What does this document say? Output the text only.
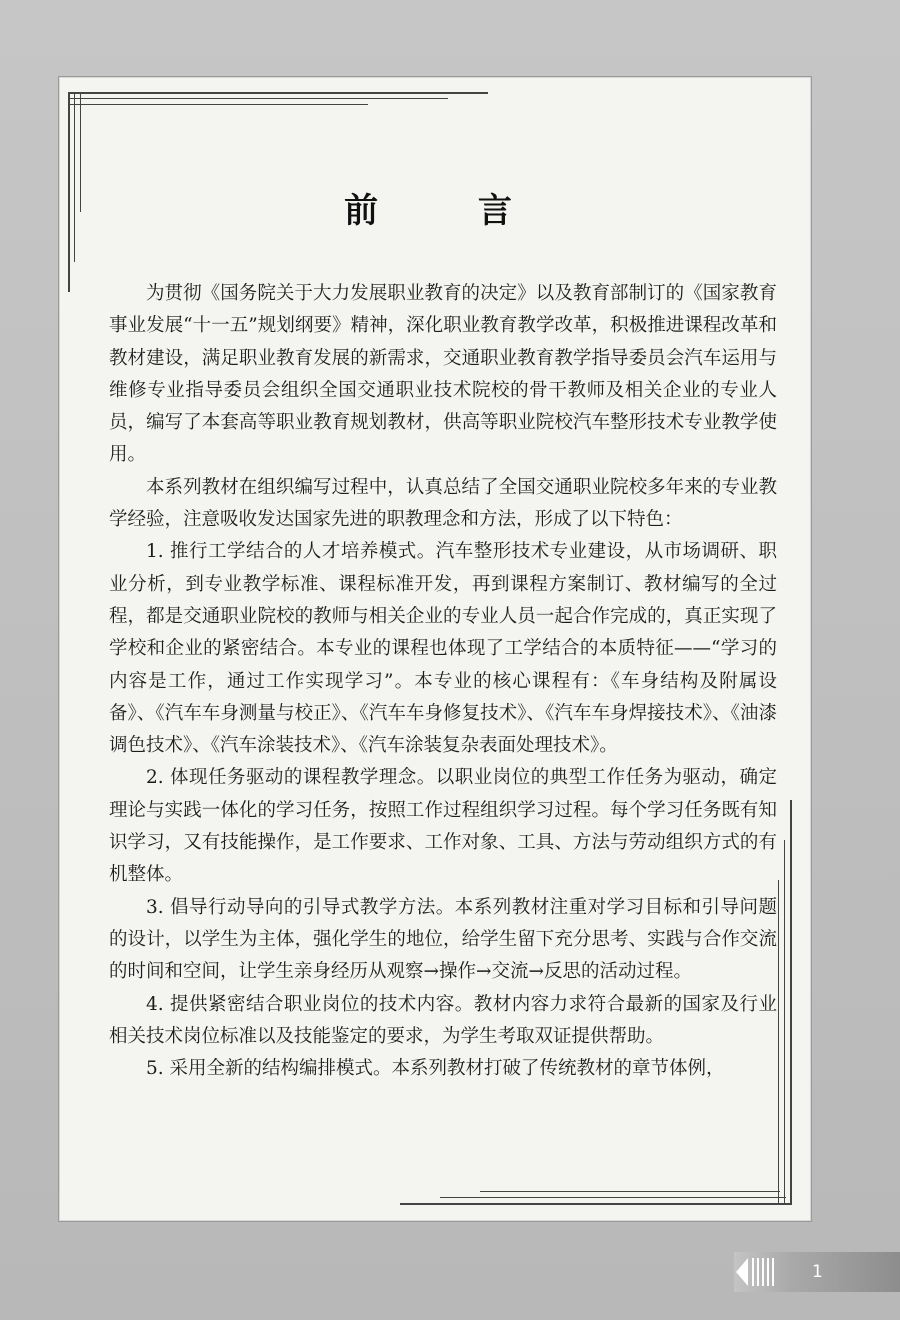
前 言

为贯彻《国务院关于大力发展职业教育的决定》以及教育部制订的《国家教育事业发展“十一五”规划纲要》精神，深化职业教育教学改革，积极推进课程改革和教材建设，满足职业教育发展的新需求，交通职业教育教学指导委员会汽车运用与维修专业指导委员会组织全国交通职业技术院校的骨干教师及相关企业的专业人员，编写了本套高等职业教育规划教材，供高等职业院校汽车整形技术专业教学使用。

本系列教材在组织编写过程中，认真总结了全国交通职业院校多年来的专业教学经验，注意吸收发达国家先进的职教理念和方法，形成了以下特色：

1. 推行工学结合的人才培养模式。汽车整形技术专业建设，从市场调研、职业分析，到专业教学标准、课程标准开发，再到课程方案制订、教材编写的全过程，都是交通职业院校的教师与相关企业的专业人员一起合作完成的，真正实现了学校和企业的紧密结合。本专业的课程也体现了工学结合的本质特征——“学习的内容是工作，通过工作实现学习”。本专业的核心课程有：《车身结构及附属设备》、《汽车车身测量与校正》、《汽车车身修复技术》、《汽车车身焊接技术》、《油漆调色技术》、《汽车涂装技术》、《汽车涂装复杂表面处理技术》。

2. 体现任务驱动的课程教学理念。以职业岗位的典型工作任务为驱动，确定理论与实践一体化的学习任务，按照工作过程组织学习过程。每个学习任务既有知识学习，又有技能操作，是工作要求、工作对象、工具、方法与劳动组织方式的有机整体。

3. 倡导行动导向的引导式教学方法。本系列教材注重对学习目标和引导问题的设计，以学生为主体，强化学生的地位，给学生留下充分思考、实践与合作交流的时间和空间，让学生亲身经历从观察→操作→交流→反思的活动过程。

4. 提供紧密结合职业岗位的技术内容。教材内容力求符合最新的国家及行业相关技术岗位标准以及技能鉴定的要求，为学生考取双证提供帮助。

5. 采用全新的结构编排模式。本系列教材打破了传统教材的章节体例，

1
